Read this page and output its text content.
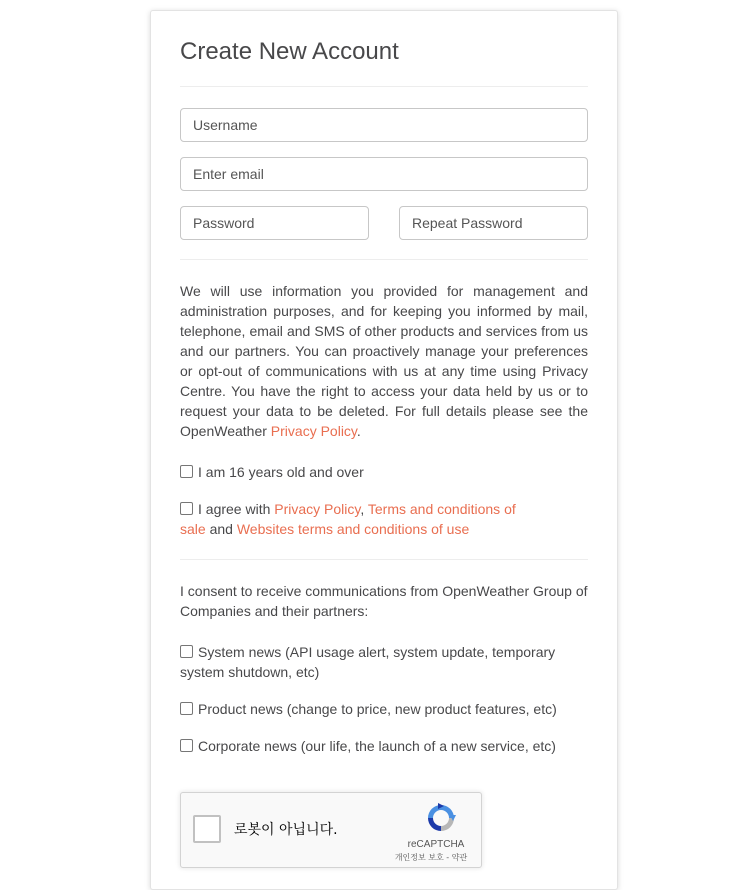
Create New Account
Username
Enter email

We will use information you provided for management and administration purposes, and for keeping you informed by mail, telephone, email and SMS of other products and services from us and our partners. You can proactively manage your preferences or opt-out of communications with us at any time using Privacy Centre. You have the right to access your data held by us or to request your data to be deleted. For full details please see the OpenWeather Privacy Policy.

I am 16 years old and over
I agree with Privacy Policy, Terms and conditions of
sale and Websites terms and conditions of use

I consent to receive communications from OpenWeather Group of Companies and their partners:

System news (API usage alert, system update, temporary
system shutdown, etc)
Product news (change to price, new product features, etc)
Corporate news (our life, the launch of a new service, etc)
로봇이 아닙니다.
reCAPTCHA
개인정보 보호 - 약관
